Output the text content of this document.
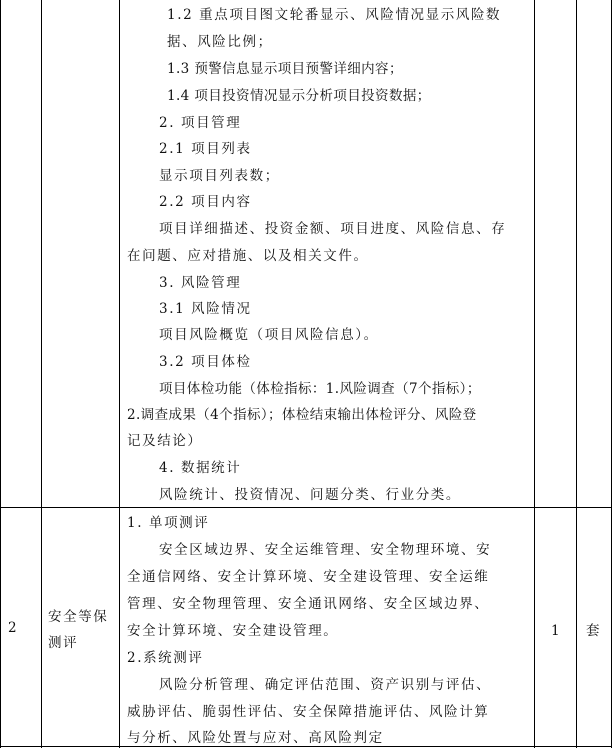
1.2 重点项目图文轮番显示、风险情况显示风险数
据、风险比例；
1.3 预警信息显示项目预警详细内容；
1.4 项目投资情况显示分析项目投资数据；
2. 项目管理
2.1 项目列表
显示项目列表数；
2.2 项目内容
项目详细描述、投资金额、项目进度、风险信息、存
在问题、应对措施、以及相关文件。
3. 风险管理
3.1 风险情况
项目风险概览（项目风险信息）。
3.2 项目体检
项目体检功能（体检指标：1.风险调查（7个指标）；
2.调查成果（4个指标）；体检结束输出体检评分、风险登
记及结论）
4. 数据统计
风险统计、投资情况、问题分类、行业分类。
2
安全等保
测评
1. 单项测评
安全区域边界、安全运维管理、安全物理环境、安
全通信网络、安全计算环境、安全建设管理、安全运维
管理、安全物理管理、安全通讯网络、安全区域边界、
安全计算环境、安全建设管理。
2.系统测评
风险分析管理、确定评估范围、资产识别与评估、
威胁评估、脆弱性评估、安全保障措施评估、风险计算
与分析、风险处置与应对、高风险判定
1 套
